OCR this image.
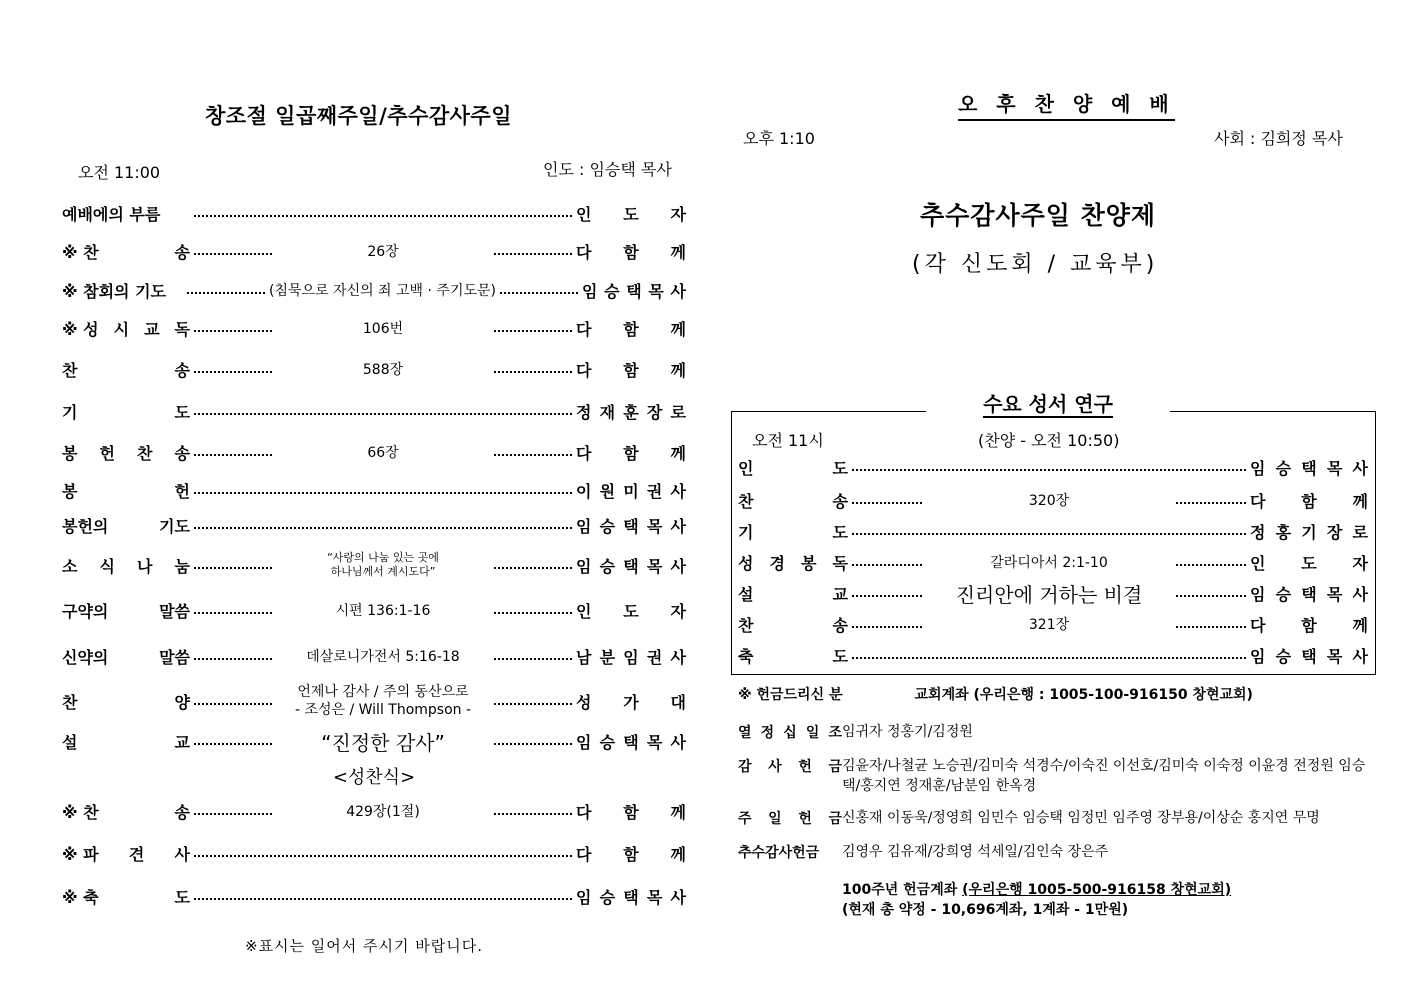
창조절 일곱째주일/추수감사주일
오전 11:00	인도 : 임승택 목사
예배에의 부름	인 도 자
※ 찬	송	26장	다 함 께
※ 참회의 기도	(침묵으로 자신의 죄 고백 · 주기도문)	임 승 택 목 사
※ 성 시 교 독	106번	다 함 께
찬	송	588장	다 함 께
기	도	정 재 훈 장 로
봉 헌 찬 송	66장	다 함 께
봉	헌	이 원 미 권 사
봉헌의	기도	임 승 택 목 사
소 식 나 눔	“사랑의 나눔 있는 곳에
하나님께서 계시도다”	임 승 택 목 사
구약의	말씀	시편 136:1-16	인 도 자
신약의	말씀	데살로니가전서 5:16-18	남 분 임 권 사
찬	양
언제나 감사 / 주의 동산으로
- 조성은 / Will Thompson -	성 가 대
설	교	“진정한 감사”	임 승 택 목 사
※ 찬	송	429장(1절)	다 함 께
※ 파 견 사	다 함 께
※ 축	도	임 승 택 목 사
<성찬식>
※표시는 일어서 주시기 바랍니다.
오 후 찬 양 예 배
오후 1:10	사회 : 김희정 목사
추수감사주일 찬양제
(각 신도회 / 교육부)
수요 성서 연구
오전 11시	(찬양 - 오전 10:50)
인	도	임 승 택 목 사
찬	송	320장	다 함 께
기	도	정 홍 기 장 로
성 경 봉 독	갈라디아서 2:1-10	인 도 자
설	교	진리안에 거하는 비결	임 승 택 목 사
찬	송	321장	다 함 께
축	도	임 승 택 목 사
※ 헌금드리신 분	교회계좌 (우리은행 : 1005-100-916150 창현교회)
열 정 십 일 조 임귀자 정홍기/김정원
감 사 헌 금 김윤자/나철균 노승권/김미숙 석경수/이숙진 이선호/김미숙 이숙정 이윤경 전정원 임승택/홍지연 정재훈/남분임 한옥경
주 일 헌 금 신홍재 이동욱/정영희 임민수 임승택 임정민 임주영 장부용/이상순 홍지연 무명
추수감사헌금 김영우 김유재/강희영 석세일/김인숙 장은주
100주년 헌금계좌 (우리은행 1005-500-916158 창현교회)
(현재 총 약정 - 10,696계좌, 1계좌 - 1만원)
